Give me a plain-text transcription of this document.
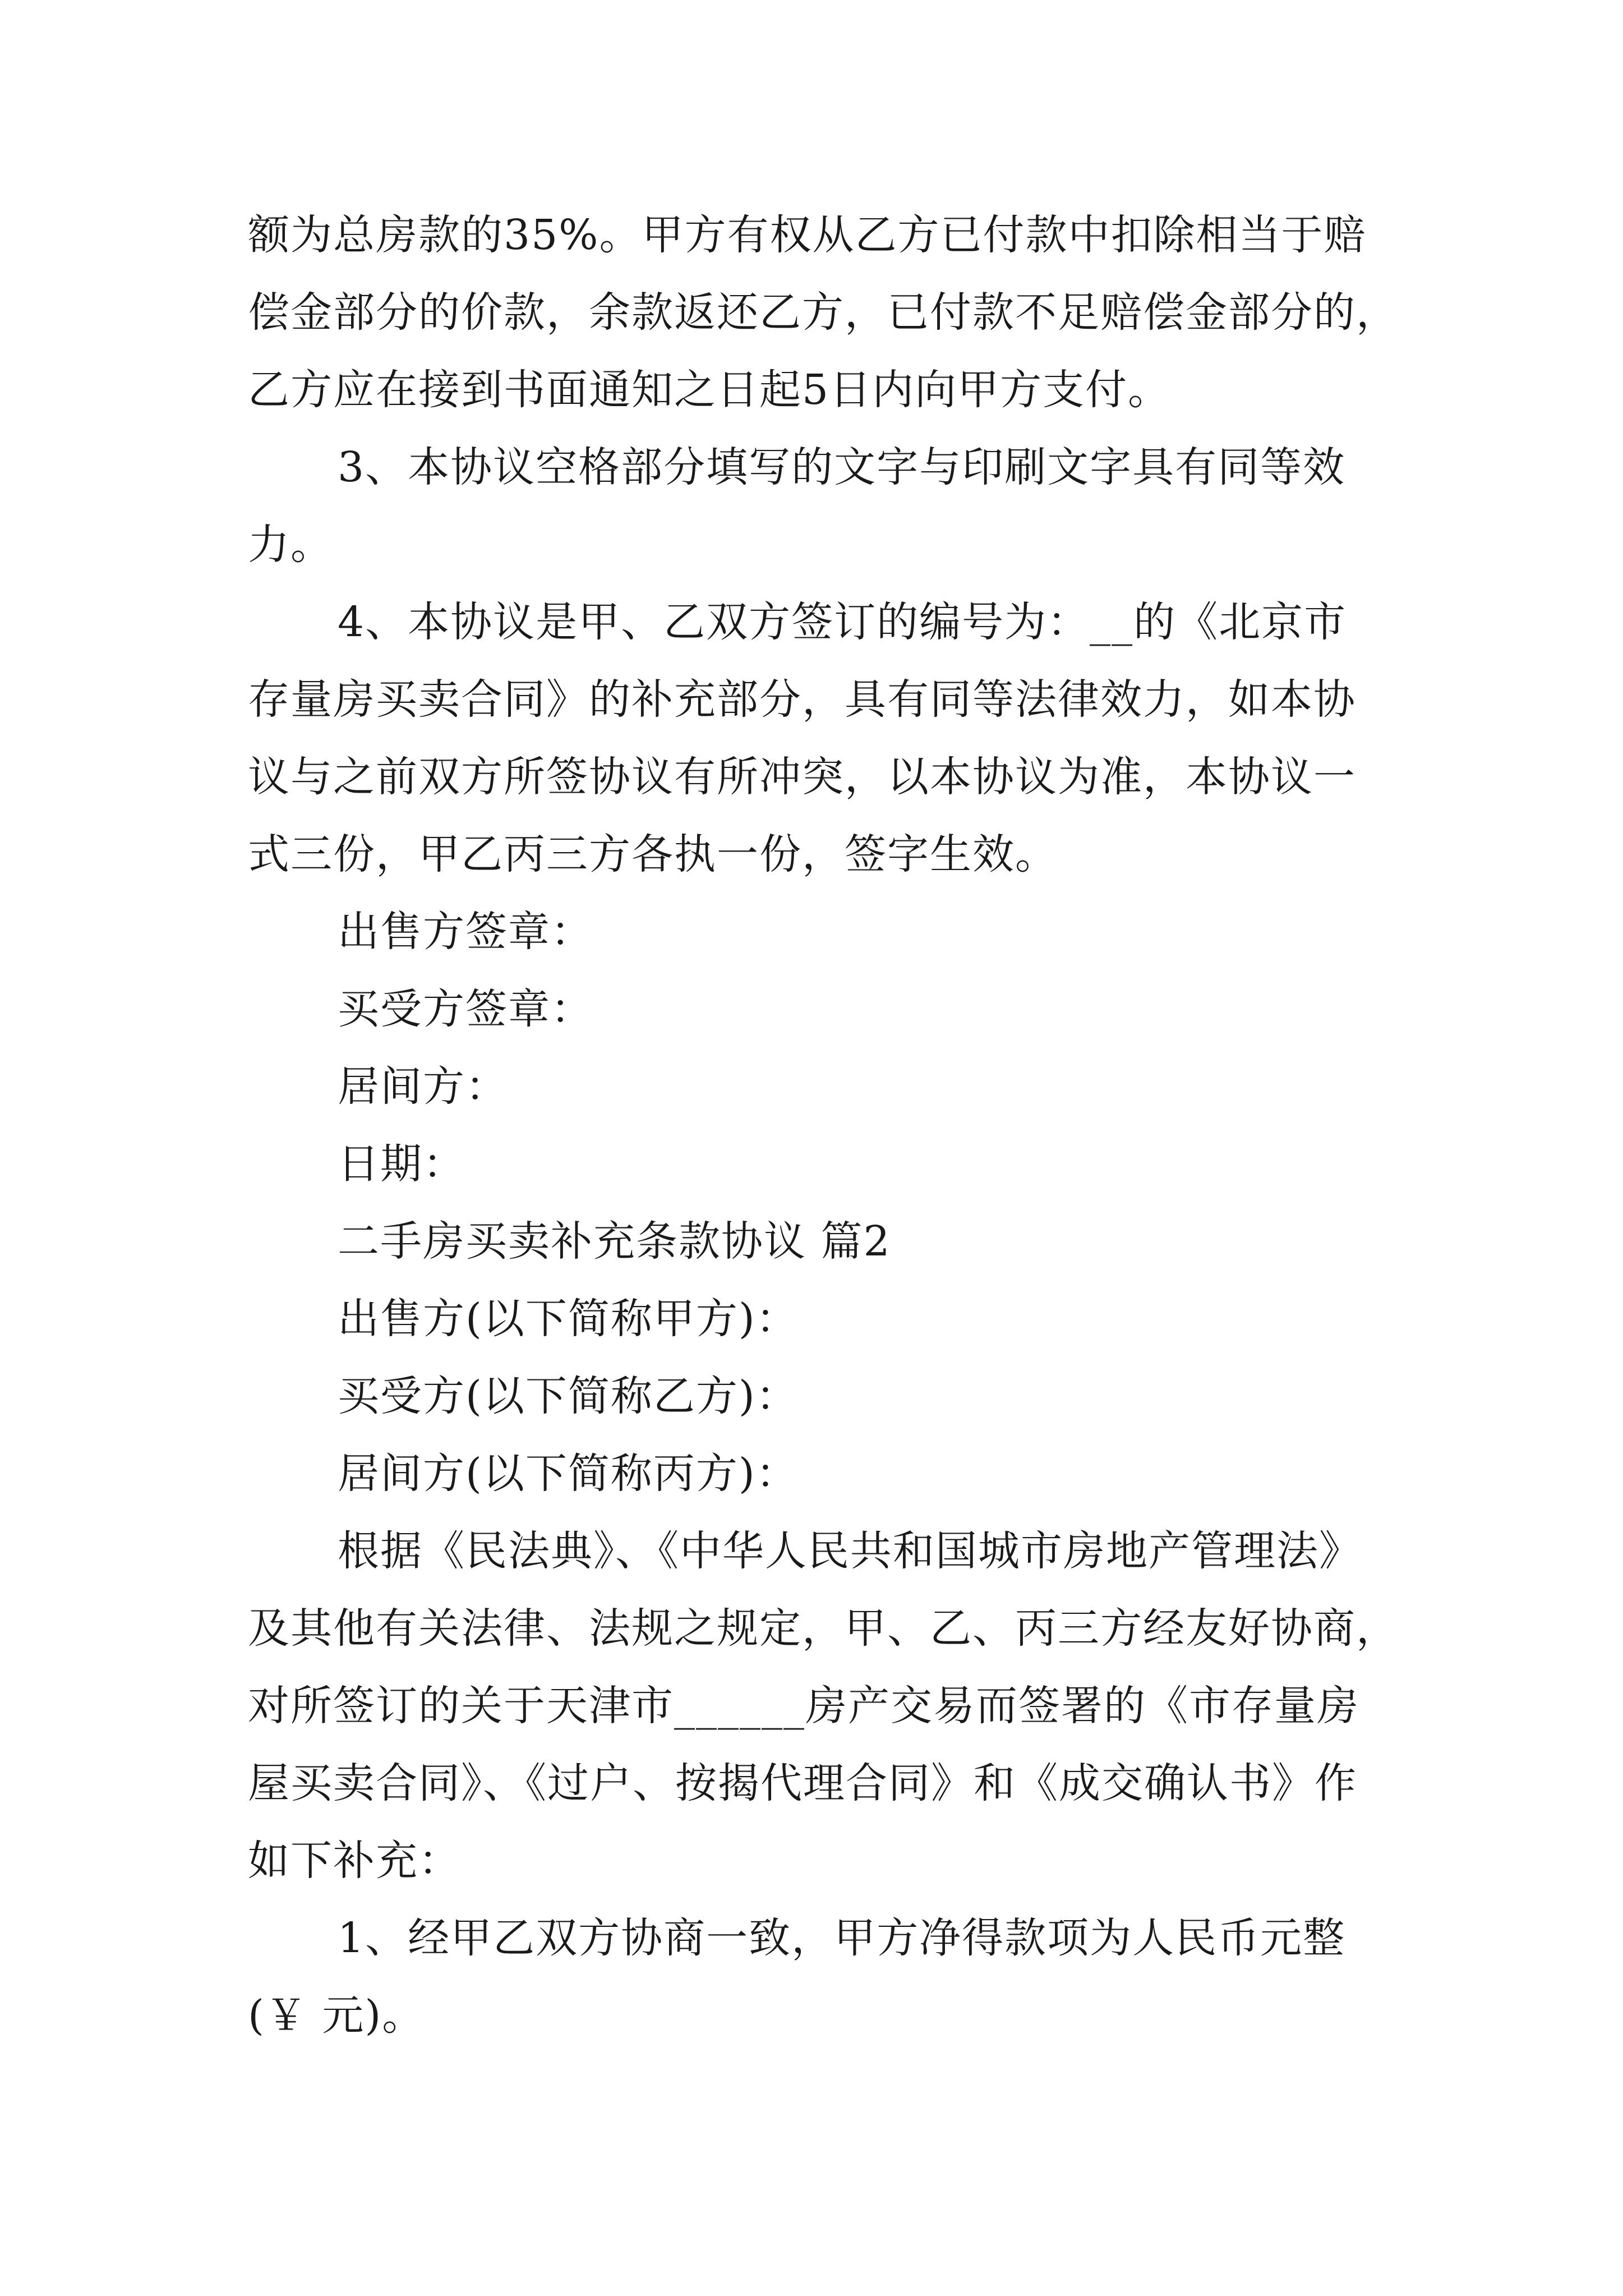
额为总房款的35%。甲方有权从乙方已付款中扣除相当于赔
偿金部分的价款，余款返还乙方，已付款不足赔偿金部分的，
乙方应在接到书面通知之日起5日内向甲方支付。
3、本协议空格部分填写的文字与印刷文字具有同等效
力。
4、本协议是甲、乙双方签订的编号为：__的《北京市
存量房买卖合同》的补充部分，具有同等法律效力，如本协
议与之前双方所签协议有所冲突，以本协议为准，本协议一
式三份，甲乙丙三方各执一份，签字生效。
出售方签章：
买受方签章：
居间方：
日期：
二手房买卖补充条款协议 篇2
出售方(以下简称甲方)：
买受方(以下简称乙方)：
居间方(以下简称丙方)：
根据《民法典》、《中华人民共和国城市房地产管理法》
及其他有关法律、法规之规定，甲、乙、丙三方经友好协商，
对所签订的关于天津市______房产交易而签署的《市存量房
屋买卖合同》、《过户、按揭代理合同》和《成交确认书》作
如下补充：
1、经甲乙双方协商一致，甲方净得款项为人民币元整
(￥ 元)。
